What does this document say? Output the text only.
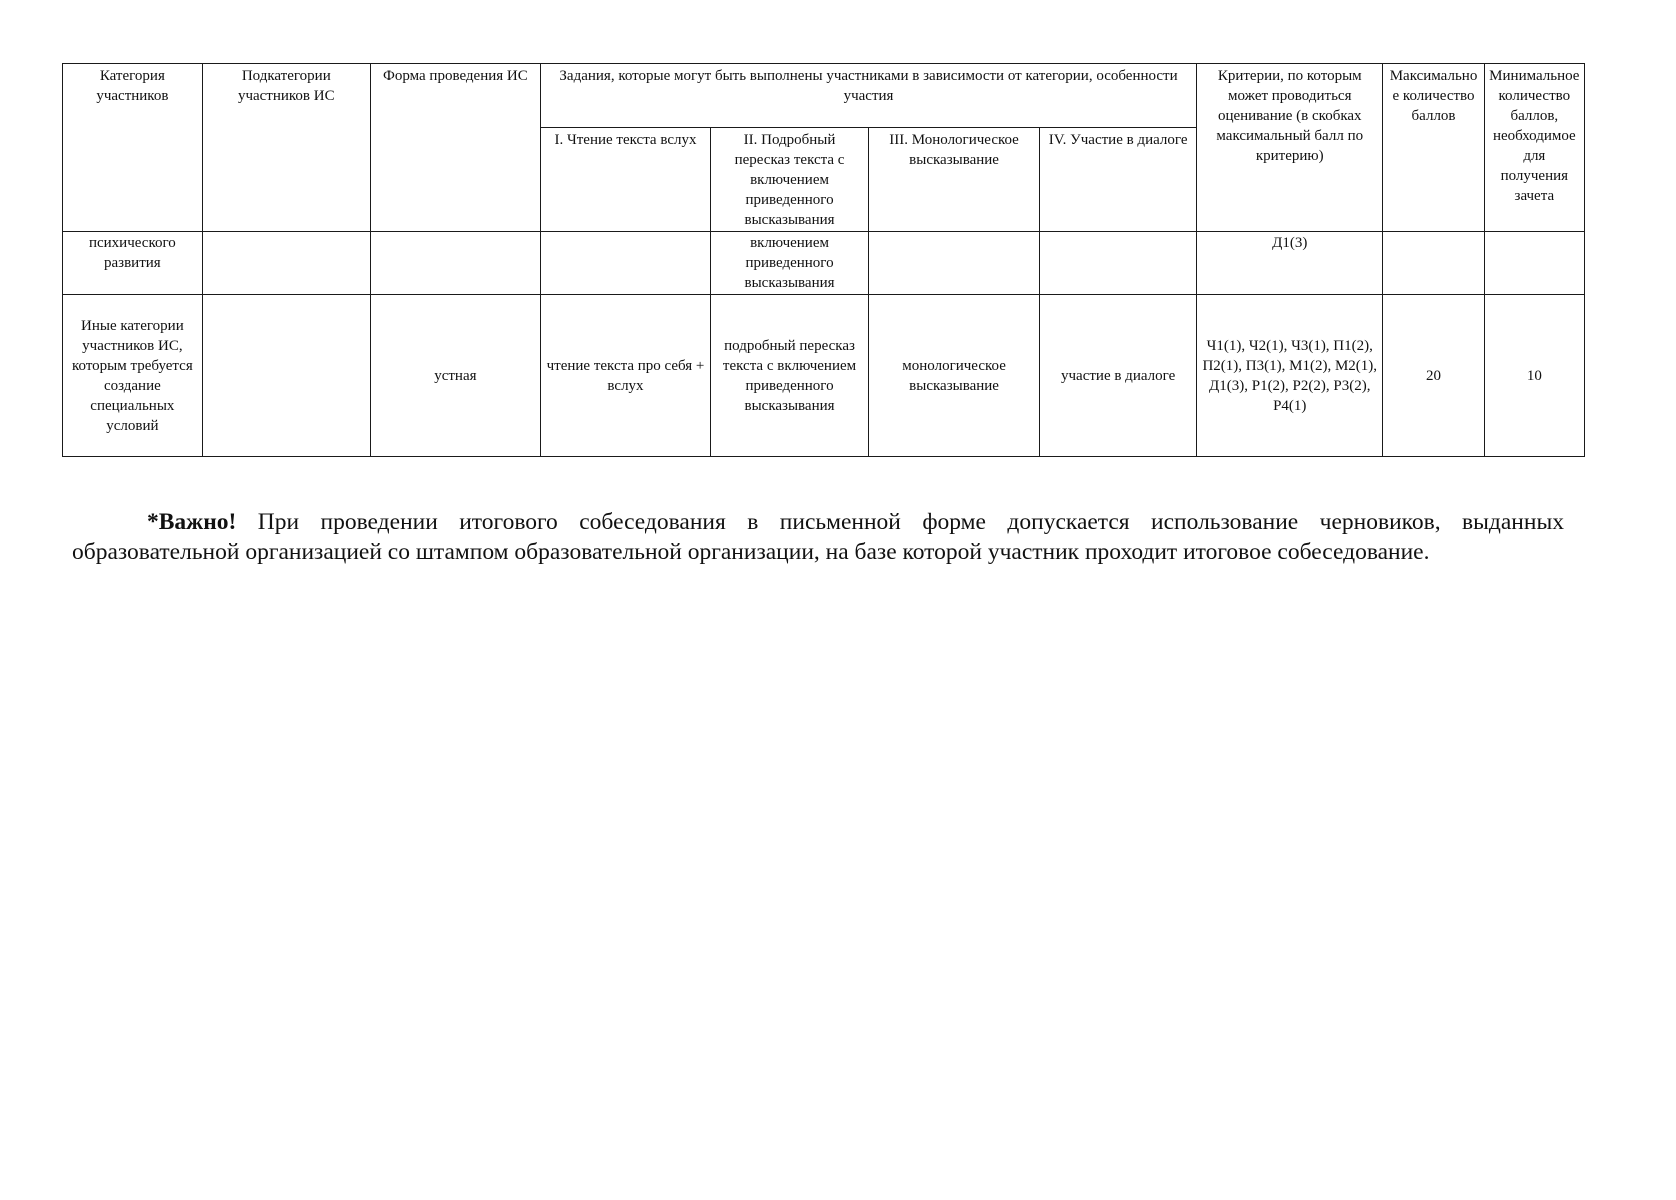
Категория участников	Подкатегории участников ИС	Форма проведения ИС	Задания, которые могут быть выполнены участниками в зависимости от категории, особенности участия				Критерии, по которым может проводиться оценивание (в скобках максимальный балл по критерию)	Максимальное количество баллов	Минимальное количество баллов, необходимое для получения зачета
			I. Чтение текста вслух	II. Подробный пересказ текста с включением приведенного высказывания	III. Монологическое высказывание	IV. Участие в диалоге			
психического развития				включением приведенного высказывания			Д1(3)		
Иные категории участников ИС, которым требуется создание специальных условий		устная	чтение текста про себя + вслух	подробный пересказ текста с включением приведенного высказывания	монологическое высказывание	участие в диалоге	Ч1(1), Ч2(1), Ч3(1), П1(2), П2(1), П3(1), М1(2), М2(1), Д1(3), Р1(2), Р2(2), Р3(2), Р4(1)	20	10

*Важно! При проведении итогового собеседования в письменной форме допускается использование черновиков, выданных образовательной организацией со штампом образовательной организации, на базе которой участник проходит итоговое собеседование.
